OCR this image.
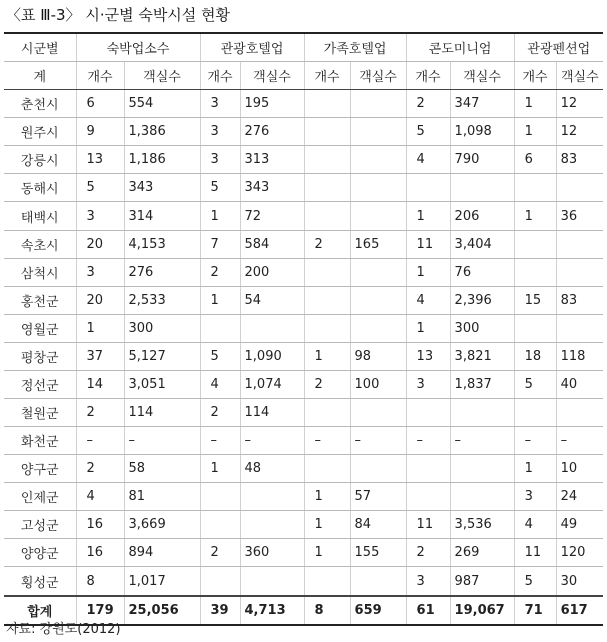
〈표 Ⅲ-3〉 시·군별 숙박시설 현황
시군별	숙박업소수		관광호텔업		가족호텔업		콘도미니엄		관광펜션업	
계	개수	객실수	개수	객실수	개수	객실수	개수	객실수	개수	객실수
춘천시	6	554	3	195			2	347	1	12
원주시	9	1,386	3	276			5	1,098	1	12
강릉시	13	1,186	3	313			4	790	6	83
동해시	5	343	5	343						
태백시	3	314	1	72			1	206	1	36
속초시	20	4,153	7	584	2	165	11	3,404		
삼척시	3	276	2	200			1	76		
홍천군	20	2,533	1	54			4	2,396	15	83
영월군	1	300					1	300		
평창군	37	5,127	5	1,090	1	98	13	3,821	18	118
정선군	14	3,051	4	1,074	2	100	3	1,837	5	40
철원군	2	114	2	114						
화천군	–	–	–	–	–	–	–	–	–	–
양구군	2	58	1	48					1	10
인제군	4	81			1	57			3	24
고성군	16	3,669			1	84	11	3,536	4	49
양양군	16	894	2	360	1	155	2	269	11	120
횡성군	8	1,017					3	987	5	30
합계	179	25,056	39	4,713	8	659	61	19,067	71	617
자료: 강원도(2012)
